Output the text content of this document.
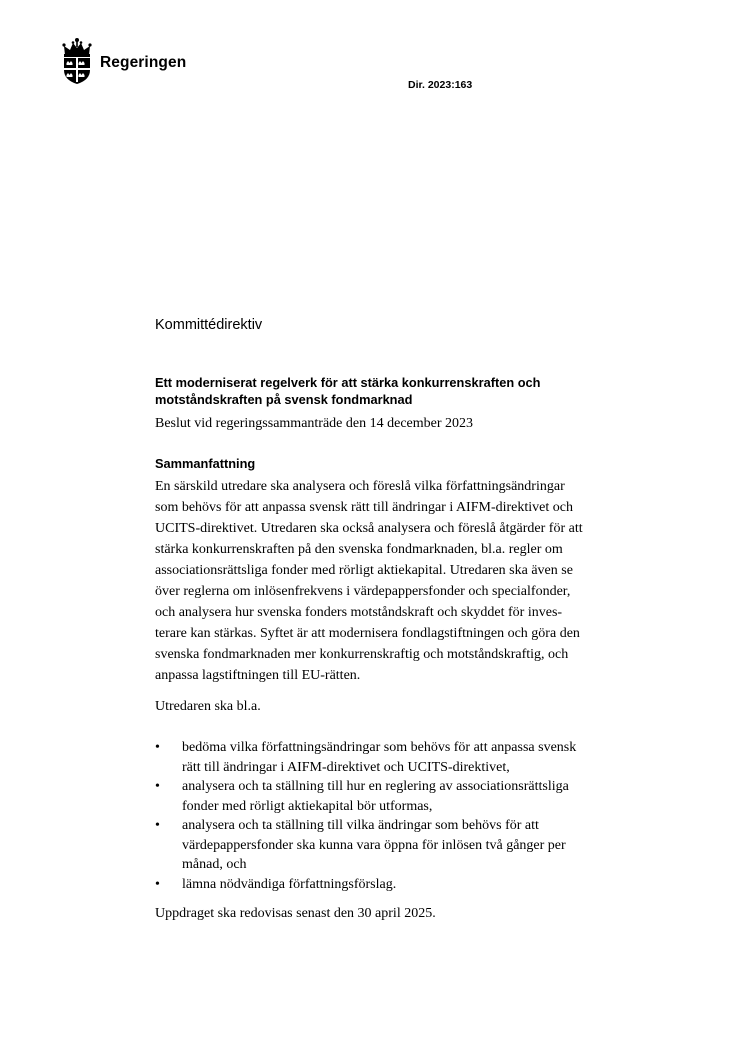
Regeringen
Dir. 2023:163
Kommittédirektiv
Ett moderniserat regelverk för att stärka konkurrenskraften och motståndskraften på svensk fondmarknad
Beslut vid regeringssammanträde den 14 december 2023
Sammanfattning

En särskild utredare ska analysera och föreslå vilka författningsändringar
som behövs för att anpassa svensk rätt till ändringar i AIFM-direktivet och
UCITS-direktivet. Utredaren ska också analysera och föreslå åtgärder för att
stärka konkurrenskraften på den svenska fondmarknaden, bl.a. regler om
associationsrättsliga fonder med rörligt aktiekapital. Utredaren ska även se
över reglerna om inlösenfrekvens i värdepappersfonder och specialfonder,
och analysera hur svenska fonders motståndskraft och skyddet för inves-
terare kan stärkas. Syftet är att modernisera fondlagstiftningen och göra den
svenska fondmarknaden mer konkurrenskraftig och motståndskraftig, och
anpassa lagstiftningen till EU-rätten.

Utredaren ska bl.a.
• bedöma vilka författningsändringar som behövs för att anpassa svensk
rätt till ändringar i AIFM-direktivet och UCITS-direktivet,
• analysera och ta ställning till hur en reglering av associationsrättsliga
fonder med rörligt aktiekapital bör utformas,
• analysera och ta ställning till vilka ändringar som behövs för att
värdepappersfonder ska kunna vara öppna för inlösen två gånger per
månad, och
• lämna nödvändiga författningsförslag.
Uppdraget ska redovisas senast den 30 april 2025.
